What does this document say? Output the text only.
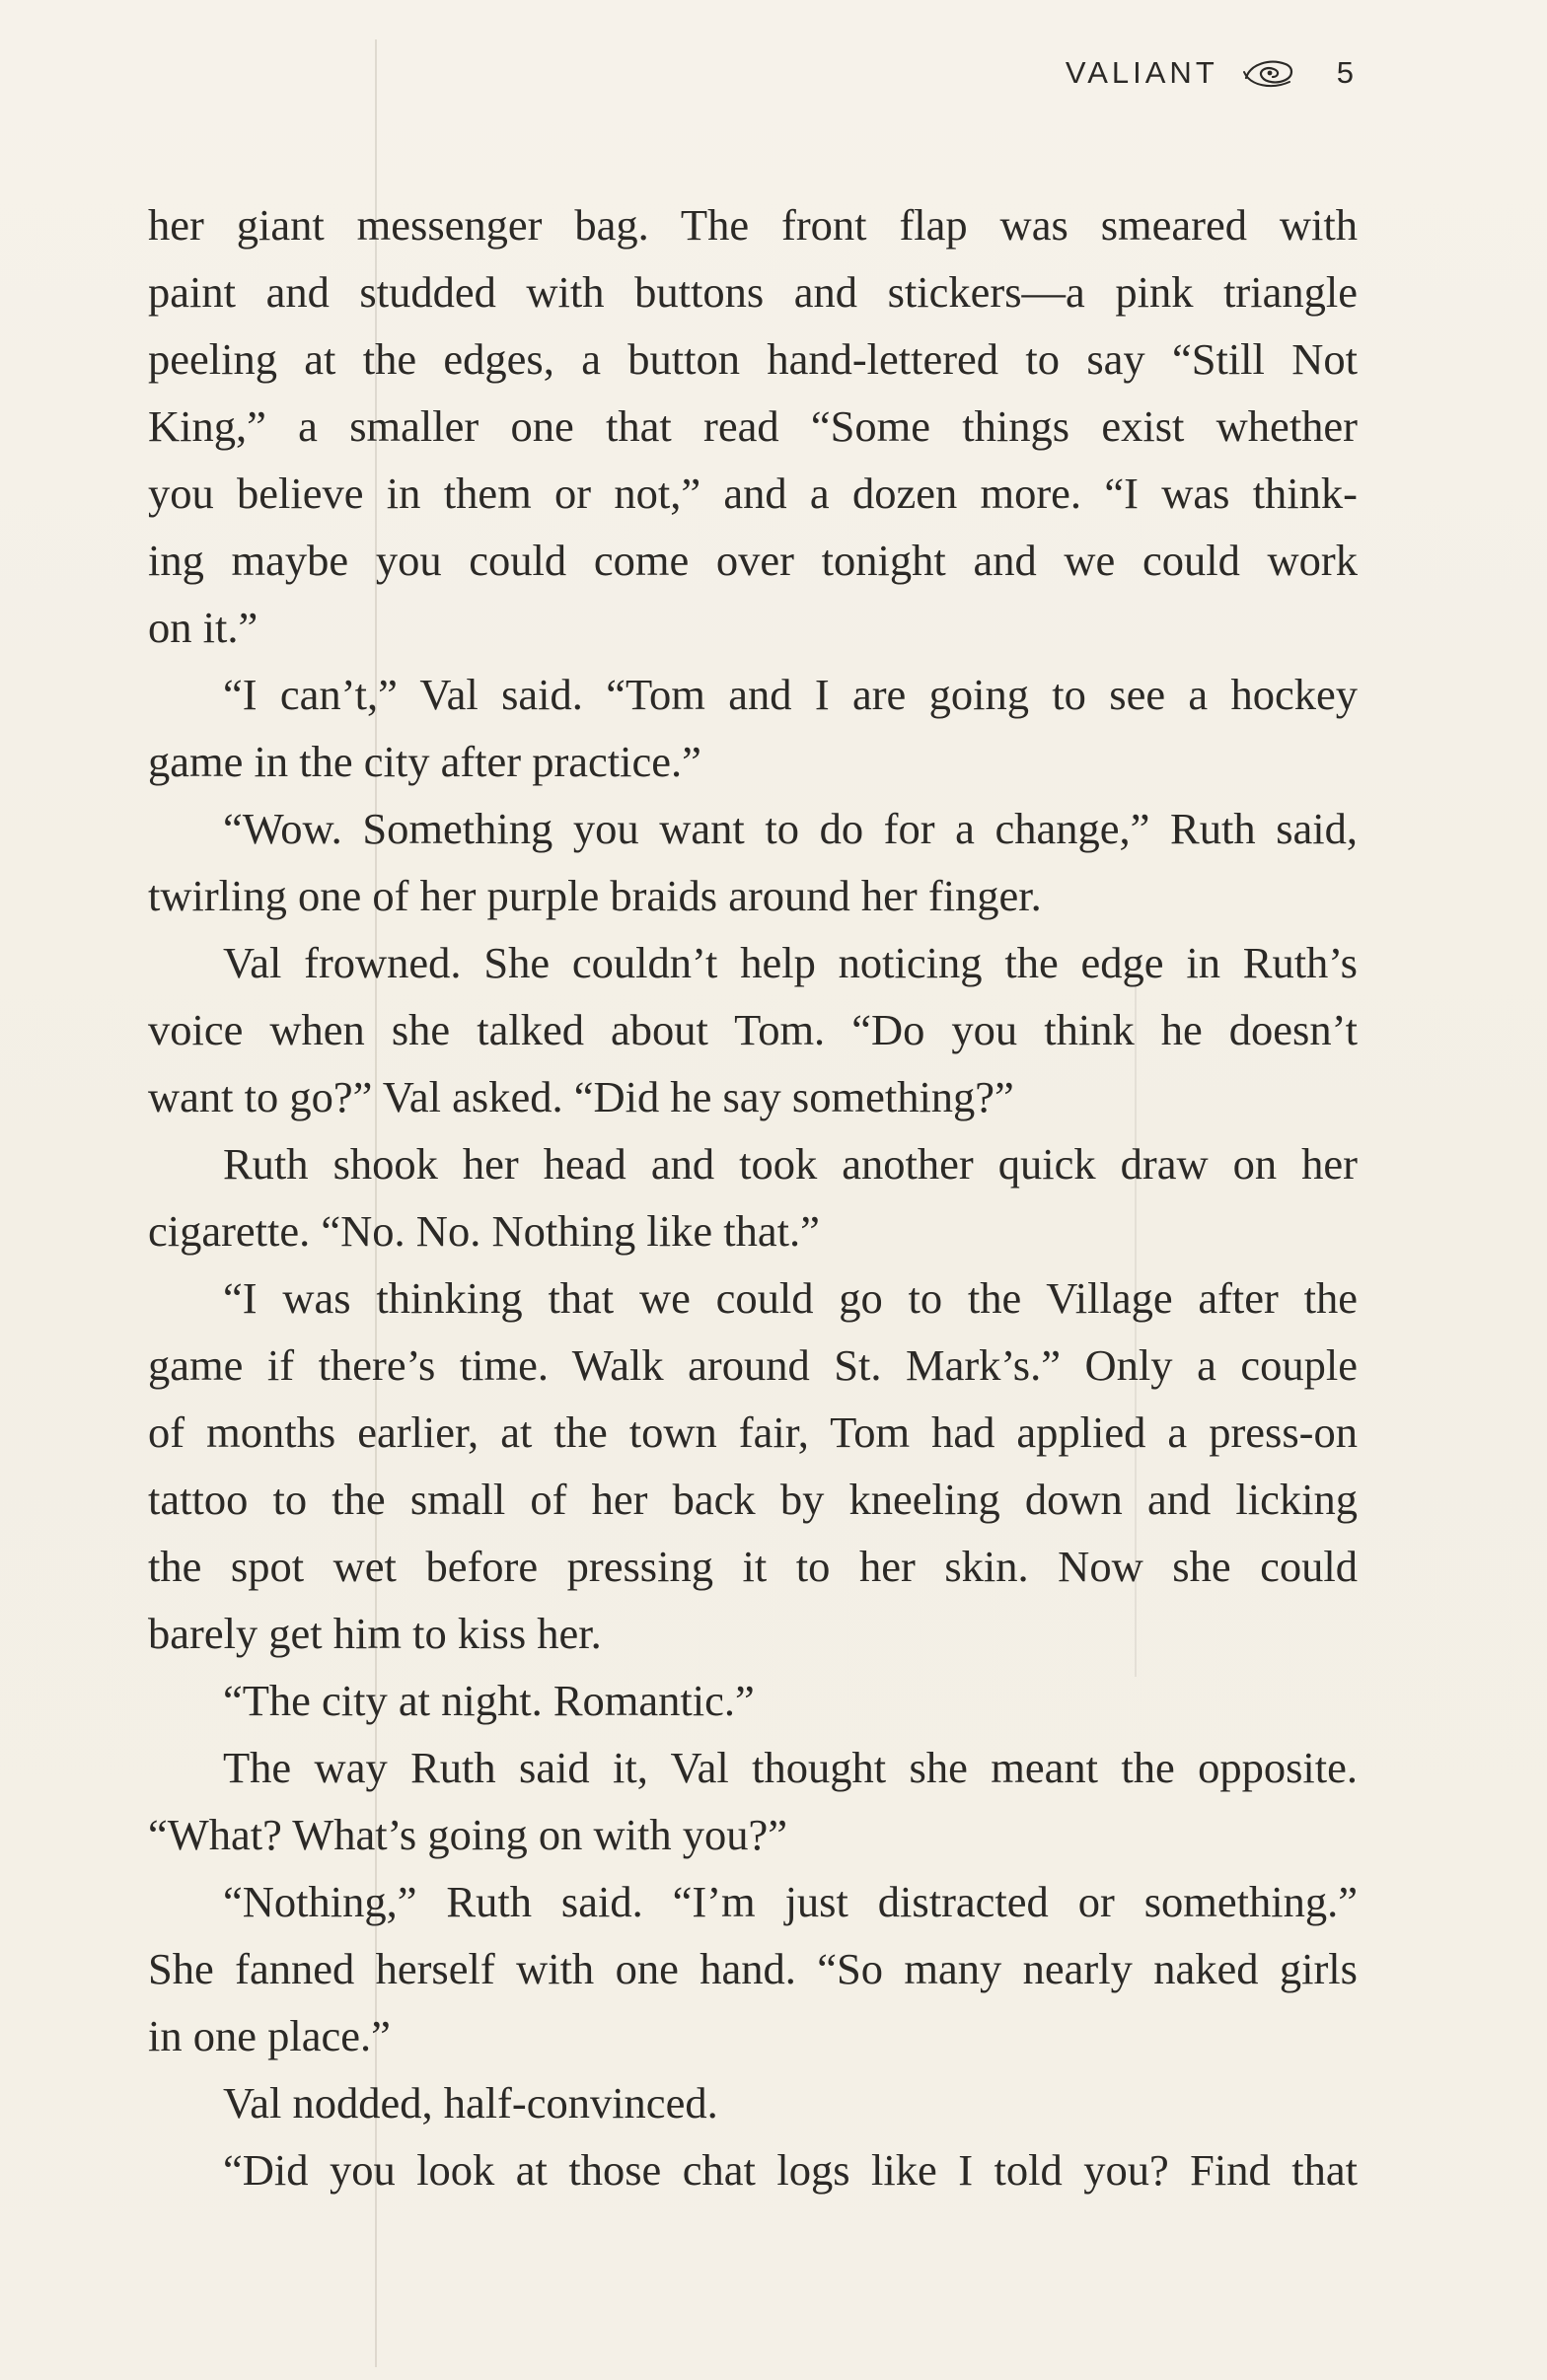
VALIANT	5
her giant messenger bag. The front flap was smeared with
paint and studded with buttons and stickers—a pink triangle
peeling at the edges, a button hand-lettered to say “Still Not
King,” a smaller one that read “Some things exist whether
you believe in them or not,” and a dozen more. “I was think-
ing maybe you could come over tonight and we could work
on it.”
“I can’t,” Val said. “Tom and I are going to see a hockey
game in the city after practice.”
“Wow. Something you want to do for a change,” Ruth said,
twirling one of her purple braids around her finger.
Val frowned. She couldn’t help noticing the edge in Ruth’s
voice when she talked about Tom. “Do you think he doesn’t
want to go?” Val asked. “Did he say something?”
Ruth shook her head and took another quick draw on her
cigarette. “No. No. Nothing like that.”
“I was thinking that we could go to the Village after the
game if there’s time. Walk around St. Mark’s.” Only a couple
of months earlier, at the town fair, Tom had applied a press-on
tattoo to the small of her back by kneeling down and licking
the spot wet before pressing it to her skin. Now she could
barely get him to kiss her.
“The city at night. Romantic.”
The way Ruth said it, Val thought she meant the opposite.
“What? What’s going on with you?”
“Nothing,” Ruth said. “I’m just distracted or something.”
She fanned herself with one hand. “So many nearly naked girls
in one place.”
Val nodded, half-convinced.
“Did you look at those chat logs like I told you? Find that
